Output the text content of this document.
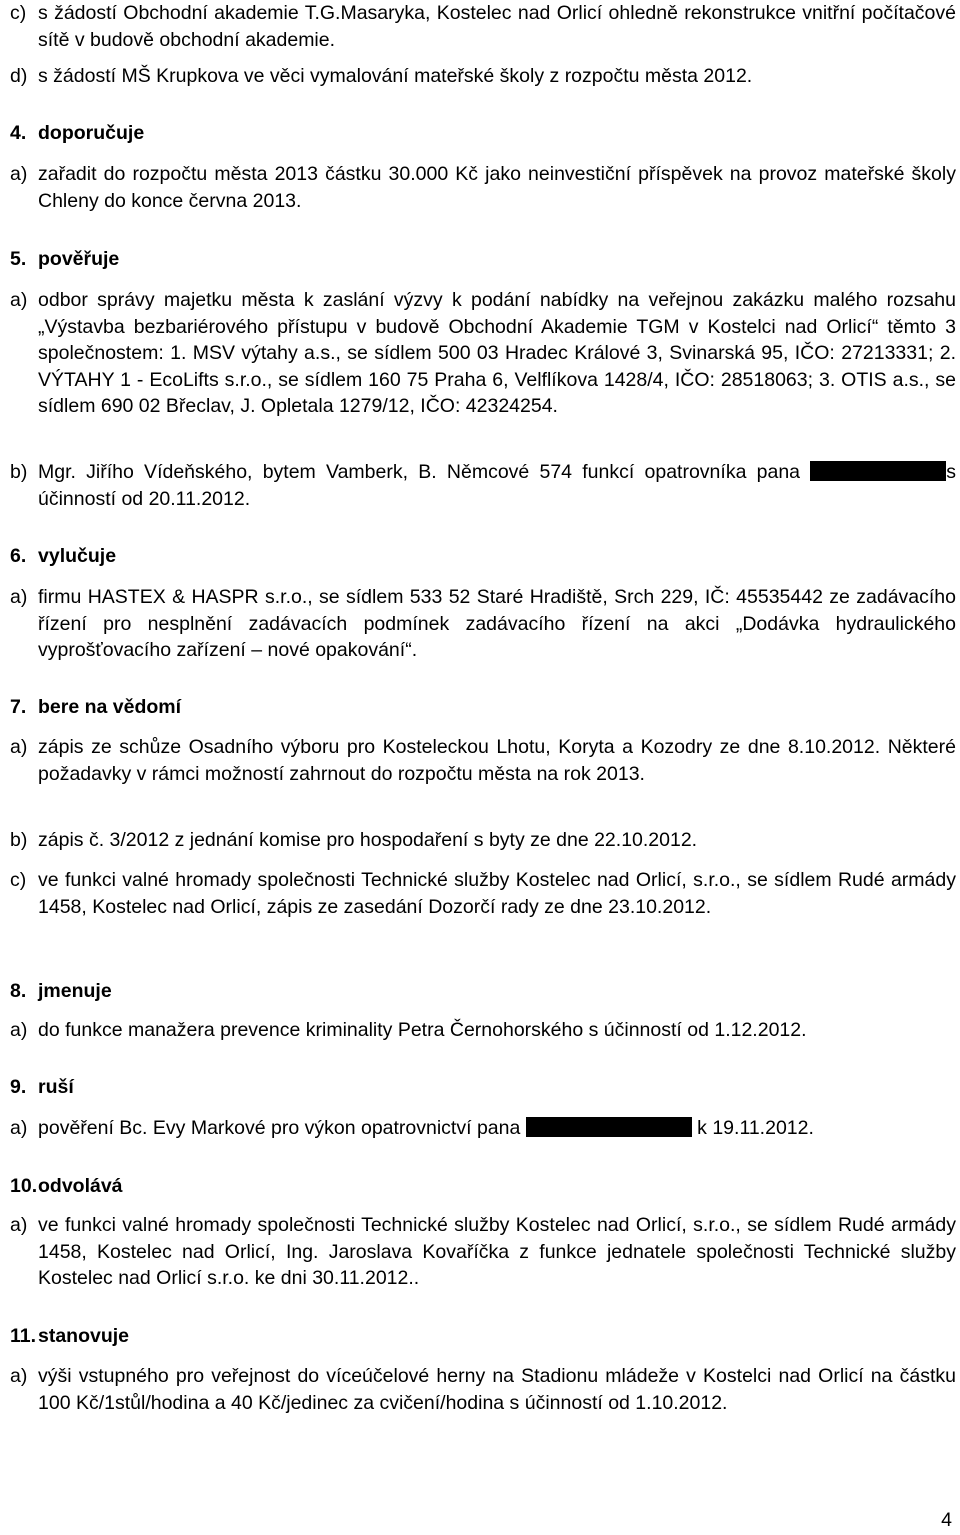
c) s žádostí Obchodní akademie T.G.Masaryka, Kostelec nad Orlicí ohledně rekonstrukce vnitřní počítačové sítě v budově obchodní akademie.
d) s žádostí MŠ Krupkova ve věci vymalování mateřské školy z rozpočtu města 2012.
4. doporučuje
a) zařadit do rozpočtu města 2013 částku 30.000 Kč jako neinvestiční příspěvek na provoz mateřské školy Chleny do konce června 2013.
5. pověřuje
a) odbor správy majetku města k zaslání výzvy k podání nabídky na veřejnou zakázku malého rozsahu „Výstavba bezbariérového přístupu v budově Obchodní Akademie TGM v Kostelci nad Orlicí“ těmto 3 společnostem: 1. MSV výtahy a.s., se sídlem 500 03 Hradec Králové 3, Svinarská 95, IČO: 27213331; 2. VÝTAHY 1 - EcoLifts s.r.o., se sídlem 160 75 Praha 6, Velflíkova 1428/4, IČO: 28518063; 3. OTIS a.s., se sídlem 690 02 Břeclav, J. Opletala 1279/12, IČO: 42324254.
b) Mgr. Jiřího Vídeňského, bytem Vamberk, B. Němcové 574 funkcí opatrovníka pana	s účinností od 20.11.2012.
6. vylučuje
a) firmu HASTEX & HASPR s.r.o., se sídlem 533 52 Staré Hradiště, Srch 229, IČ: 45535442 ze zadávacího řízení pro nesplnění zadávacích podmínek zadávacího řízení na akci „Dodávka hydraulického vyprošťovacího zařízení – nové opakování“.
7. bere na vědomí
a) zápis ze schůze Osadního výboru pro Kosteleckou Lhotu, Koryta a Kozodry ze dne 8.10.2012. Některé požadavky v rámci možností zahrnout do rozpočtu města na rok 2013.
b) zápis č. 3/2012 z jednání komise pro hospodaření s byty ze dne 22.10.2012.
c) ve funkci valné hromady společnosti Technické služby Kostelec nad Orlicí, s.r.o., se sídlem Rudé armády 1458, Kostelec nad Orlicí, zápis ze zasedání Dozorčí rady ze dne 23.10.2012.
8. jmenuje
a) do funkce manažera prevence kriminality Petra Černohorského s účinností od 1.12.2012.
9. ruší
a) pověření Bc. Evy Markové pro výkon opatrovnictví pana	k 19.11.2012.
10.odvolává
a) ve funkci valné hromady společnosti Technické služby Kostelec nad Orlicí, s.r.o., se sídlem Rudé armády 1458, Kostelec nad Orlicí, Ing. Jaroslava Kovaříčka z funkce jednatele společnosti Technické služby Kostelec nad Orlicí s.r.o. ke dni 30.11.2012..
11. stanovuje
a) výši vstupného pro veřejnost do víceúčelové herny na Stadionu mládeže v Kostelci nad Orlicí na částku 100 Kč/1stůl/hodina a 40 Kč/jedinec za cvičení/hodina s účinností od 1.10.2012.
4
